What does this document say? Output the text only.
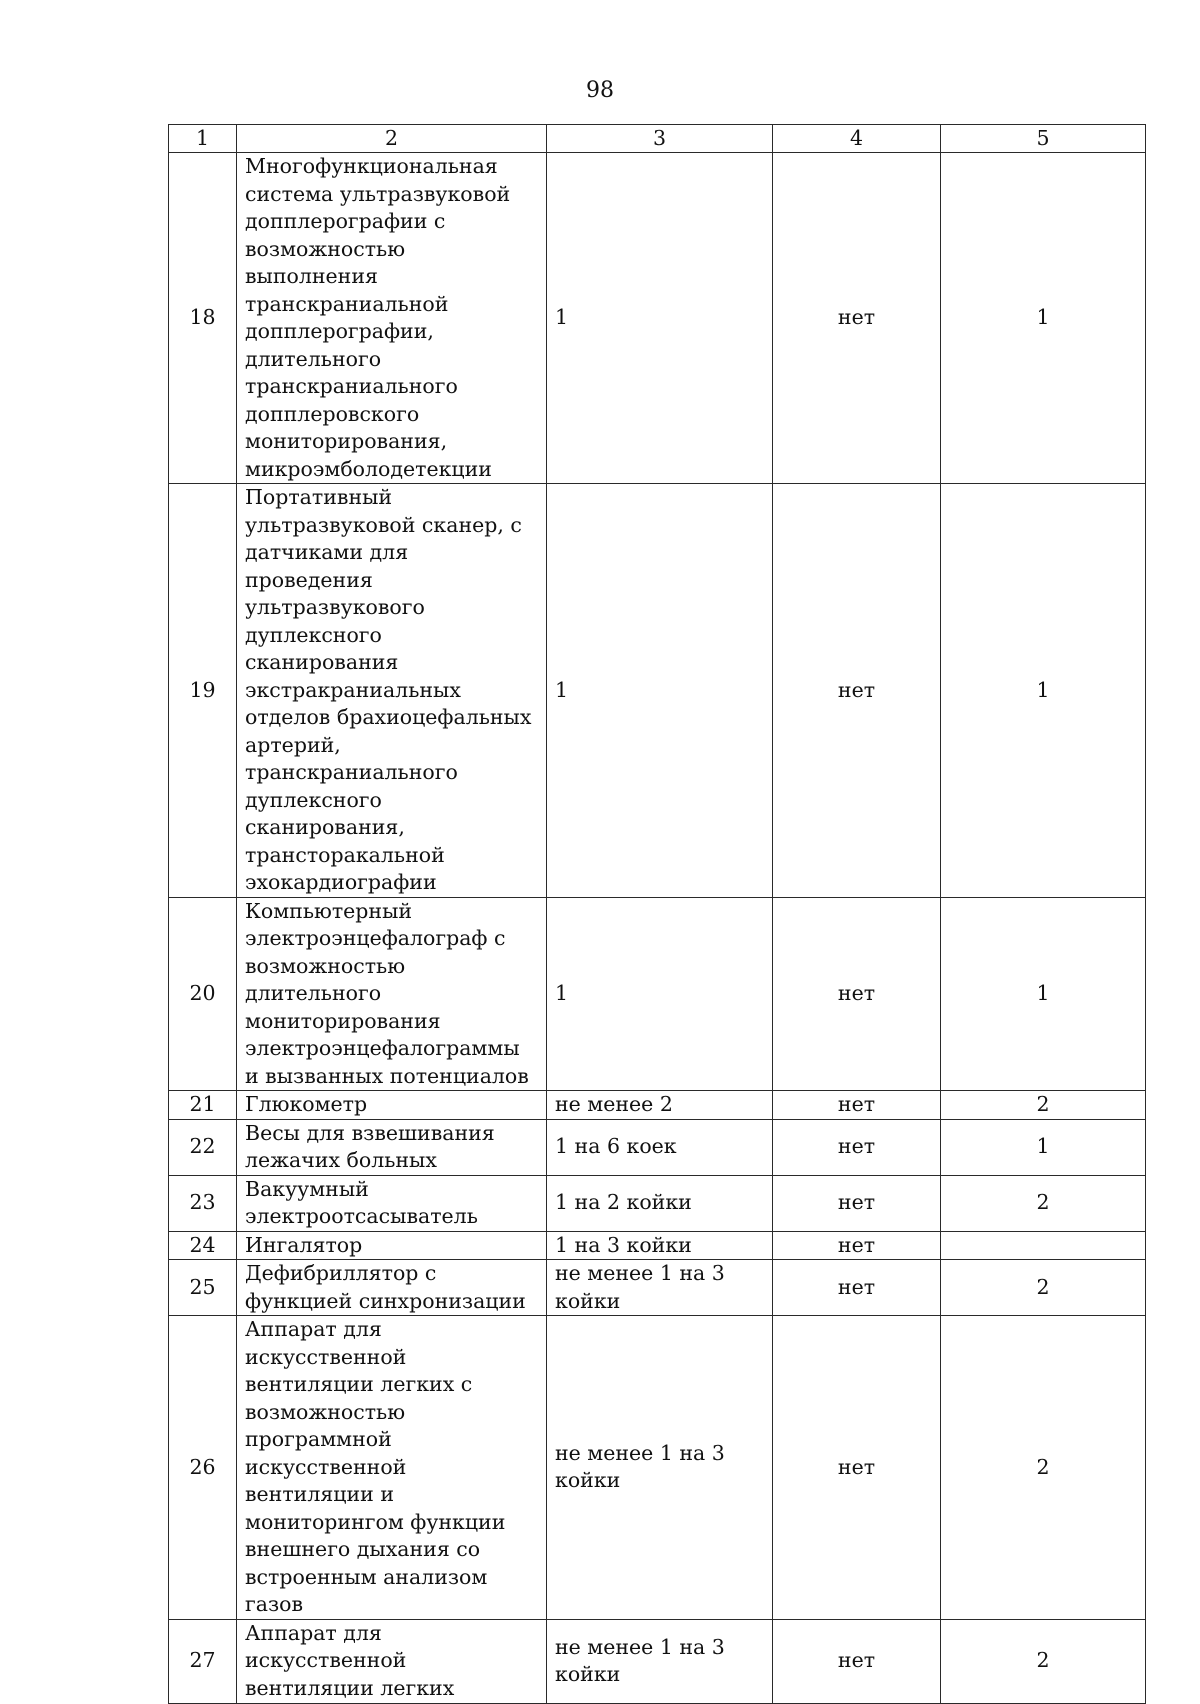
98
1	2	3	4	5
18	Многофункциональная система ультразвуковой допплерографии с возможностью выполнения транскраниальной допплерографии, длительного транскраниального допплеровского мониторирования, микроэмболодетекции	1	нет	1
19	Портативный ультразвуковой сканер, с датчиками для проведения ультразвукового дуплексного сканирования экстракраниальных отделов брахиоцефальных артерий, транскраниального дуплексного сканирования, трансторакальной эхокардиографии	1	нет	1
20	Компьютерный электроэнцефалограф с возможностью длительного мониторирования электроэнцефалограммы и вызванных потенциалов	1	нет	1
21	Глюкометр	не менее 2	нет	2
22	Весы для взвешивания лежачих больных	1 на 6 коек	нет	1
23	Вакуумный электроотсасыватель	1 на 2 койки	нет	2
24	Ингалятор	1 на 3 койки	нет	
25	Дефибриллятор с функцией синхронизации	не менее 1 на 3 койки	нет	2
26	Аппарат для искусственной вентиляции легких с возможностью программной искусственной вентиляции и мониторингом функции внешнего дыхания со встроенным анализом газов	не менее 1 на 3 койки	нет	2
27	Аппарат для искусственной вентиляции легких	не менее 1 на 3 койки	нет	2
